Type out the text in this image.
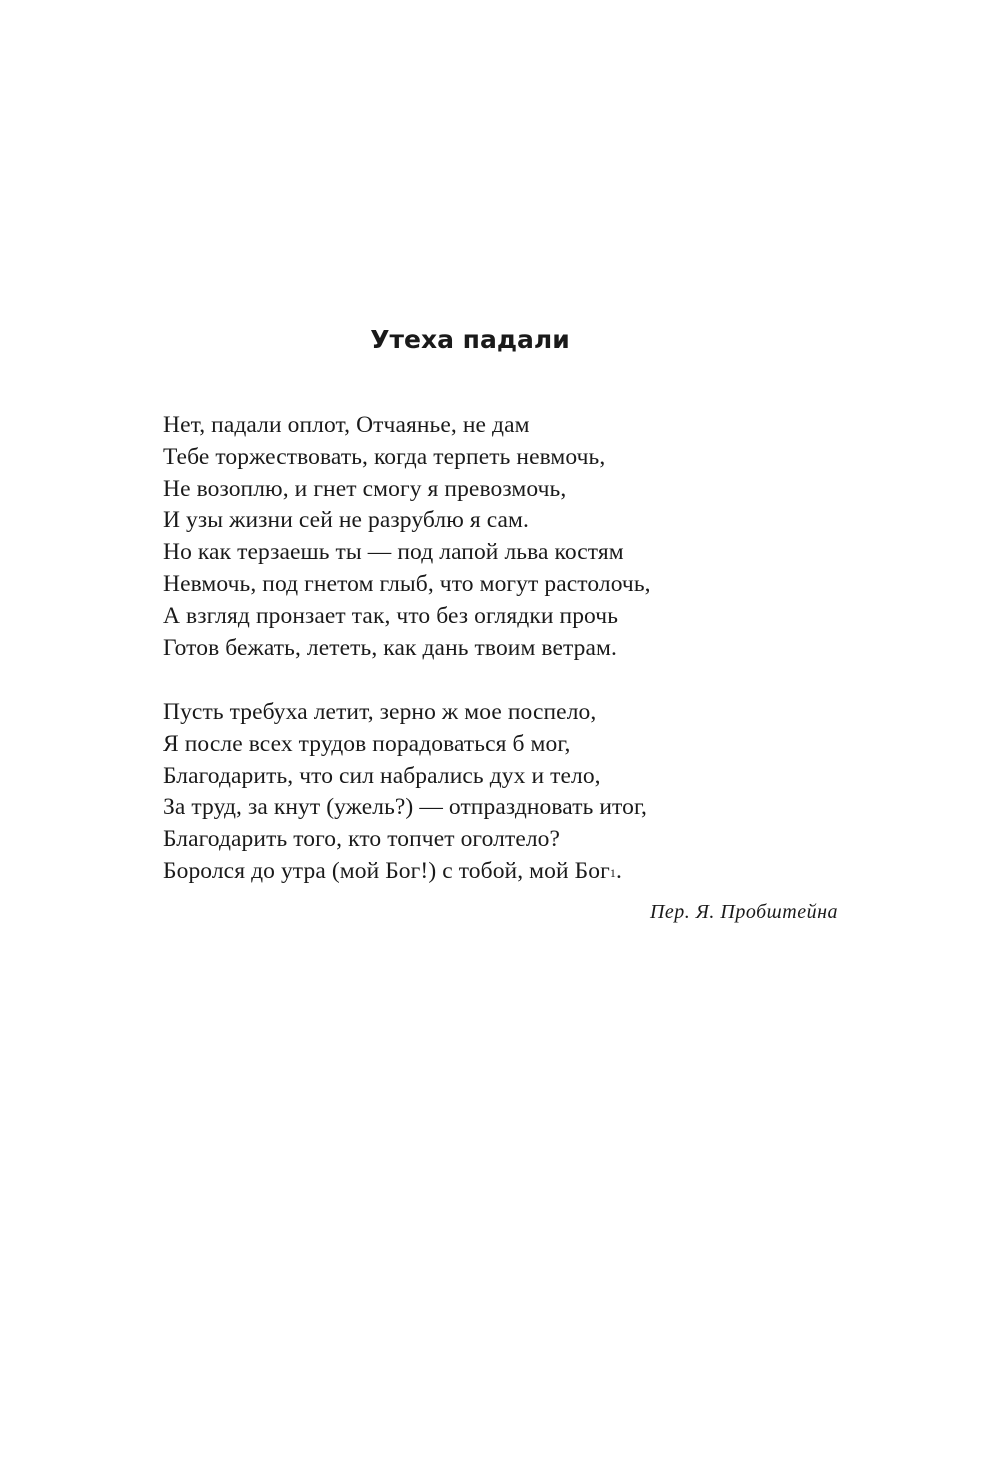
Утеха падали
Нет, падали оплот, Отчаянье, не дам
Тебе торжествовать, когда терпеть невмочь,
Не возоплю, и гнет смогу я превозмочь,
И узы жизни сей не разрублю я сам.
Но как терзаешь ты — под лапой льва костям
Невмочь, под гнетом глыб, что могут растолочь,
А взгляд пронзает так, что без оглядки прочь
Готов бежать, лететь, как дань твоим ветрам.
Пусть требуха летит, зерно ж мое поспело,
Я после всех трудов порадоваться б мог,
Благодарить, что сил набрались дух и тело,
За труд, за кнут (ужель?) — отпраздновать итог,
Благодарить того, кто топчет оголтело?
Боролся до утра (мой Бог!) с тобой, мой Бог$^1$.
Пер. Я. Пробштейна
